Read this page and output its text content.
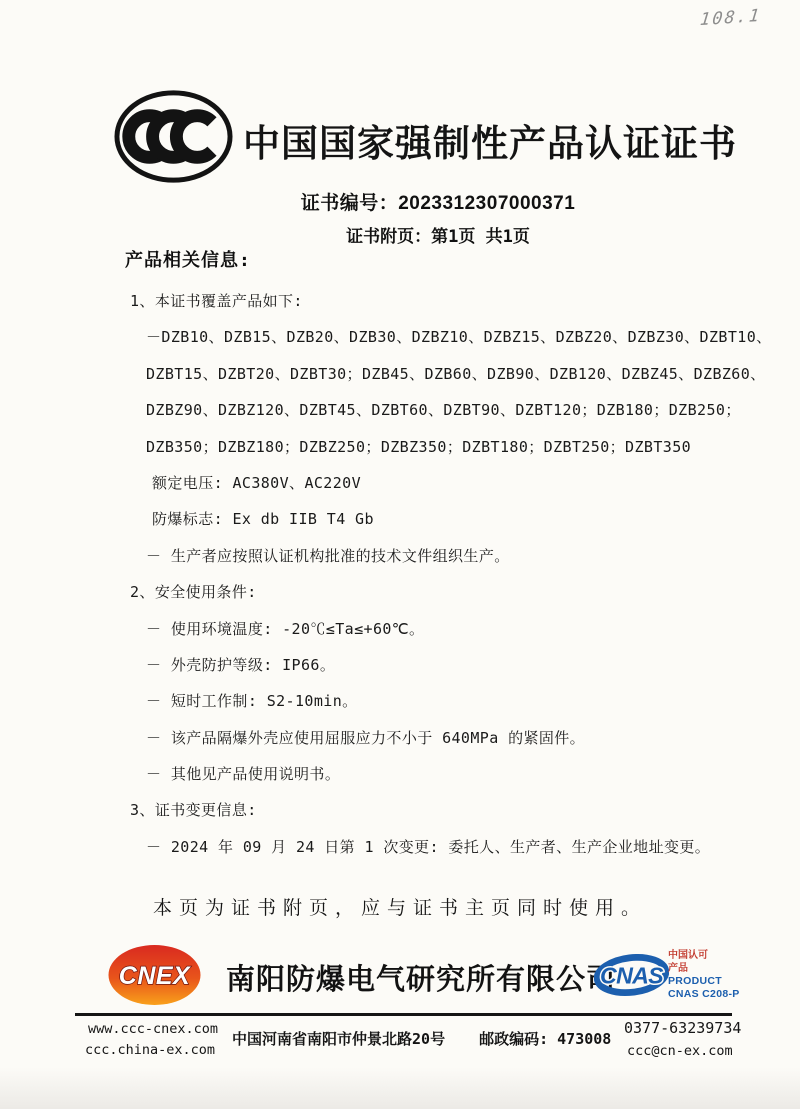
108.1
中国国家强制性产品认证证书
证书编号：2023312307000371
证书附页：第1页 共1页
产品相关信息:
1、本证书覆盖产品如下:
－DZB10、DZB15、DZB20、DZB30、DZBZ10、DZBZ15、DZBZ20、DZBZ30、DZBT10、
DZBT15、DZBT20、DZBT30；DZB45、DZB60、DZB90、DZB120、DZBZ45、DZBZ60、
DZBZ90、DZBZ120、DZBT45、DZBT60、DZBT90、DZBT120；DZB180；DZB250；
DZB350；DZBZ180；DZBZ250；DZBZ350；DZBT180；DZBT250；DZBT350
额定电压: AC380V、AC220V
防爆标志: Ex db IIB T4 Gb
－ 生产者应按照认证机构批准的技术文件组织生产。
2、安全使用条件:
－ 使用环境温度: -20℃≤Ta≤+60℃。
－ 外壳防护等级: IP66。
－ 短时工作制: S2-10min。
－ 该产品隔爆外壳应使用屈服应力不小于 640MPa 的紧固件。
－ 其他见产品使用说明书。
3、证书变更信息:
－ 2024 年 09 月 24 日第 1 次变更: 委托人、生产者、生产企业地址变更。
本页为证书附页，应与证书主页同时使用。
CNEX 南阳防爆电气研究所有限公司
CNAS
中国认可
产品
PRODUCT
CNAS C208-P
www.ccc-cnex.com
ccc.china-ex.com
中国河南省南阳市仲景北路20号 邮政编码: 473008
0377-63239734
ccc@cn-ex.com
